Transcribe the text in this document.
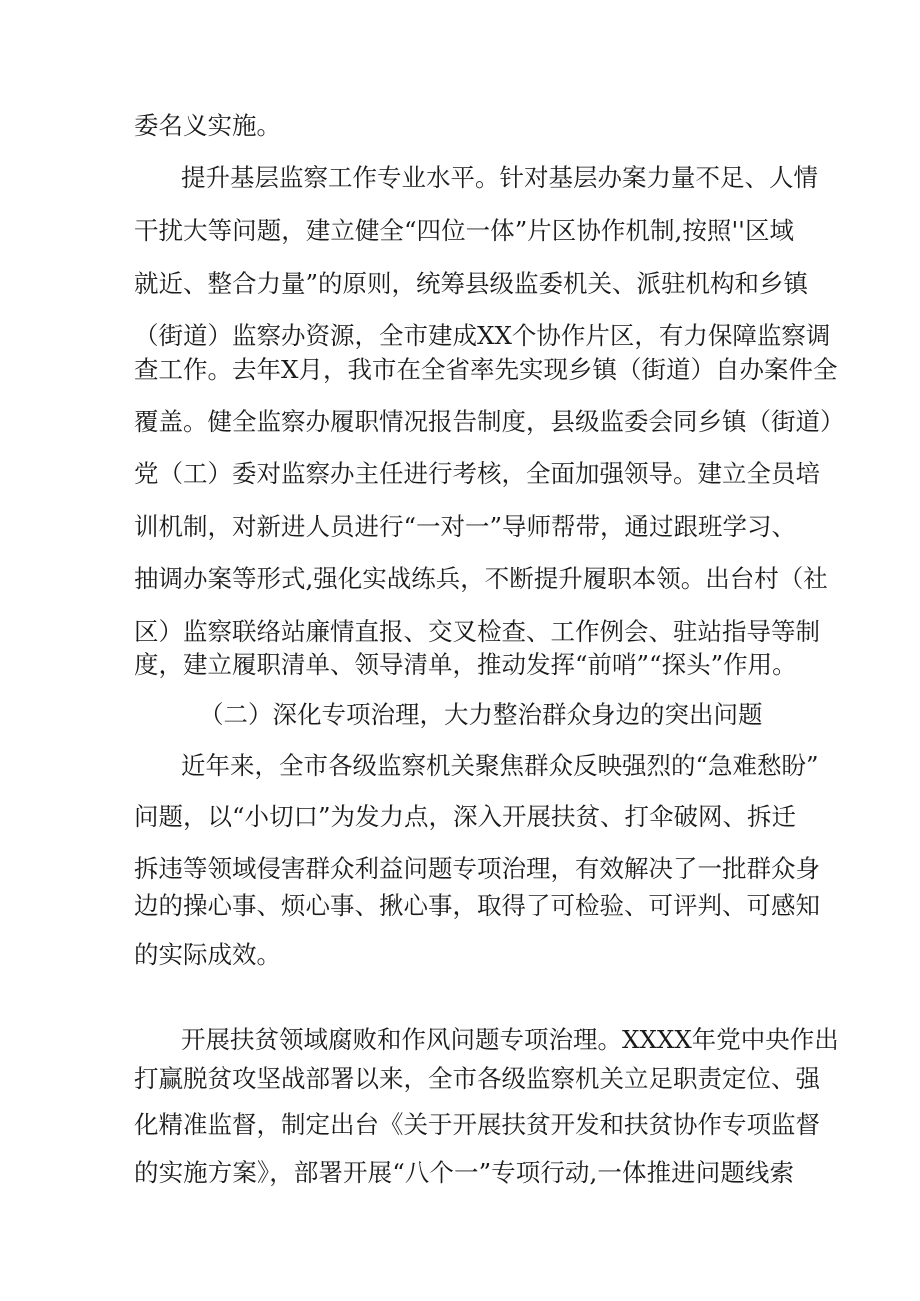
委名义实施。
提升基层监察工作专业水平。针对基层办案力量不足、人情
干扰大等问题，建立健全“四位一体”片区协作机制,按照''区域
就近、整合力量”的原则，统筹县级监委机关、派驻机构和乡镇
（街道）监察办资源，全市建成XX个协作片区，有力保障监察调
查工作。去年X月，我市在全省率先实现乡镇（街道）自办案件全
覆盖。健全监察办履职情况报告制度，县级监委会同乡镇（街道）
党（工）委对监察办主任进行考核，全面加强领导。建立全员培
训机制，对新进人员进行“一对一”导师帮带，通过跟班学习、
抽调办案等形式,强化实战练兵，不断提升履职本领。出台村（社
区）监察联络站廉情直报、交叉检查、工作例会、驻站指导等制
度，建立履职清单、领导清单，推动发挥“前哨”“探头”作用。
（二）深化专项治理，大力整治群众身边的突出问题
近年来，全市各级监察机关聚焦群众反映强烈的“急难愁盼”
问题，以“小切口”为发力点，深入开展扶贫、打伞破网、拆迁
拆违等领域侵害群众利益问题专项治理，有效解决了一批群众身
边的操心事、烦心事、揪心事，取得了可检验、可评判、可感知
的实际成效。
开展扶贫领域腐败和作风问题专项治理。XXXX年党中央作出
打赢脱贫攻坚战部署以来，全市各级监察机关立足职责定位、强
化精准监督，制定出台《关于开展扶贫开发和扶贫协作专项监督
的实施方案》，部署开展“八个一”专项行动,一体推进问题线索
